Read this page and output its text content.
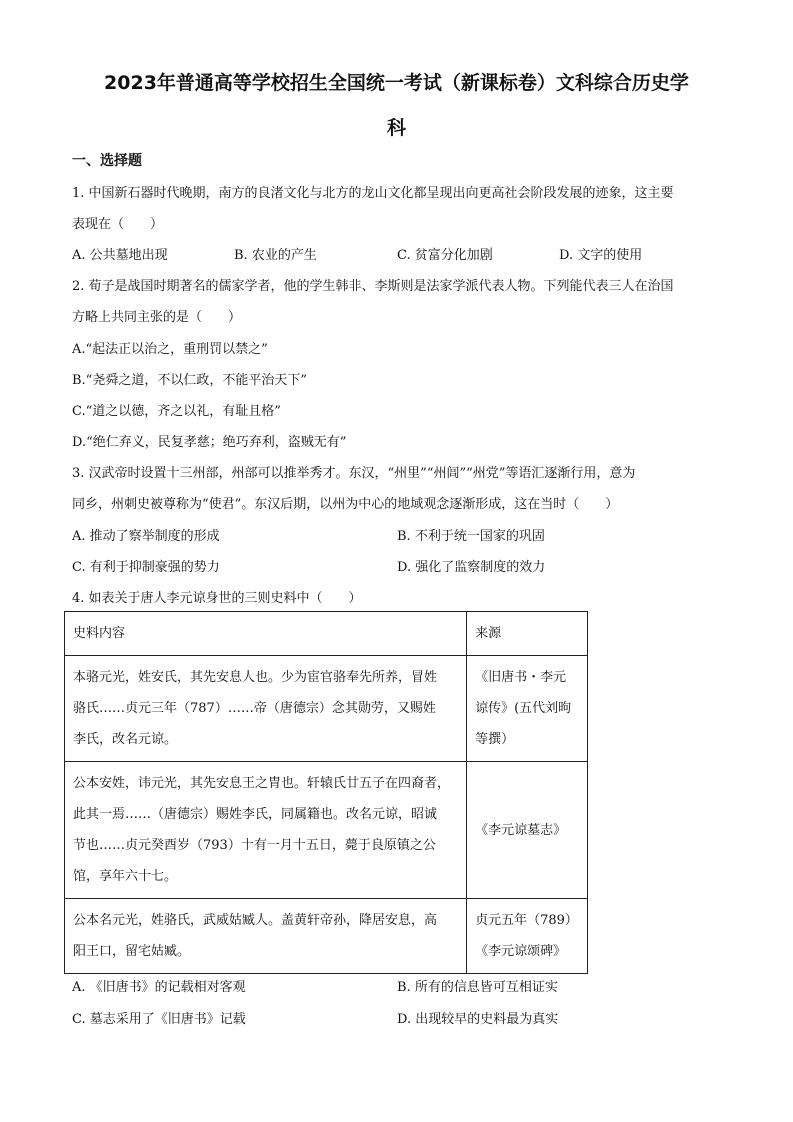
2023年普通高等学校招生全国统一考试（新课标卷）文科综合历史学
科
一、选择题
1. 中国新石器时代晚期，南方的良渚文化与北方的龙山文化都呈现出向更高社会阶段发展的迹象，这主要
表现在（　　）
A. 公共墓地出现	B. 农业的产生	C. 贫富分化加剧	D. 文字的使用
2. 荀子是战国时期著名的儒家学者，他的学生韩非、李斯则是法家学派代表人物。下列能代表三人在治国
方略上共同主张的是（　　）
A.“起法正以治之，重刑罚以禁之”
B.“尧舜之道，不以仁政，不能平治天下”
C.“道之以德，齐之以礼，有耻且格”
D.“绝仁弃义，民复孝慈；绝巧弃利，盗贼无有”
3. 汉武帝时设置十三州部，州部可以推举秀才。东汉，“州里”“州闾”“州党”等语汇逐渐行用，意为
同乡，州刺史被尊称为“使君”。东汉后期，以州为中心的地域观念逐渐形成，这在当时（　　）
A. 推动了察举制度的形成	B. 不利于统一国家的巩固
C. 有利于抑制豪强的势力	D. 强化了监察制度的效力
4. 如表关于唐人李元谅身世的三则史料中（　　）
史料内容	来源

本骆元光，姓安氏，其先安息人也。少为宦官骆奉先所养，冒姓
骆氏……贞元三年（787）……帝（唐德宗）念其勋劳，又赐姓
李氏，改名元谅。	《旧唐书・李元
谅传》(五代刘昫
等撰）

公本安姓，讳元光，其先安息王之胄也。轩辕氏廿五子在四裔者，
此其一焉……（唐德宗）赐姓李氏，同属籍也。改名元谅，昭诚
节也……贞元癸酉岁（793）十有一月十五日，薨于良原镇之公
馆，享年六十七。	《李元谅墓志》

公本名元光，姓骆氏，武威姑臧人。盖黄轩帝孙，降居安息，高
阳王口，留宅姑臧。	贞元五年（789）
《李元谅颂碑》
A. 《旧唐书》的记载相对客观	B. 所有的信息皆可互相证实
C. 墓志采用了《旧唐书》记载	D. 出现较早的史料最为真实
